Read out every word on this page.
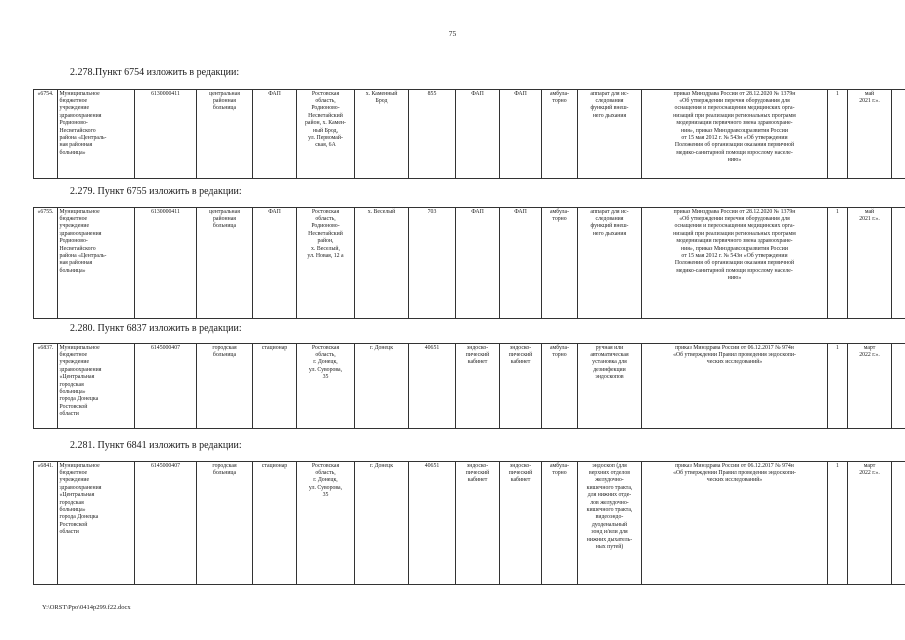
75
2.278.Пункт 6754 изложить в редакции:
«6754.	Муниципальное
бюджетное
учреждение
здравоохранения
Родионово-
Несветайского
района «Централь-
ная районная
больница»	6130000411	центральная
районная
больница	ФАП	Ростовская
область,
Родионово-
Несветайский
район, х. Камен-
ный Брод,
ул. Первомай-
ская, 6А	х. Каменный
Брод	855	ФАП	ФАП	амбула-
торно	аппарат для ис-
следования
функций внеш-
него дыхания	приказ Минздрава России от 28.12.2020 № 1379н
«Об утверждении перечня оборудования для
оснащения и переоснащения медицинских орга-
низаций при реализации региональных программ
модернизации первичного звена здравоохране-
ния», приказ Минздравсоцразвития России
от 15 мая 2012 г. № 543н «Об утверждении
Положения об организации оказания первичной
медико-санитарной помощи взрослому населе-
нию»	1	май
2021 г.».	
2.279. Пункт 6755 изложить в редакции:
«6755.	Муниципальное
бюджетное
учреждение
здравоохранения
Родионово-
Несветайского
района «Централь-
ная районная
больница»	6130000411	центральная
районная
больница	ФАП	Ростовская
область,
Родионово-
Несветайский
район,
х. Веселый,
ул. Новая, 12 а	х. Веселый	703	ФАП	ФАП	амбула-
торно	аппарат для ис-
следования
функций внеш-
него дыхания	приказ Минздрава России от 28.12.2020 № 1379н
«Об утверждении перечня оборудования для
оснащения и переоснащения медицинских орга-
низаций при реализации региональных программ
модернизации первичного звена здравоохране-
ния», приказ Минздравсоцразвития России
от 15 мая 2012 г. № 543н «Об утверждении
Положения об организации оказания первичной
медико-санитарной помощи взрослому населе-
нию»	1	май
2021 г.».	
2.280. Пункт 6837 изложить в редакции:
«6837.	Муниципальное
бюджетное
учреждение
здравоохранения
«Центральная
городская
больница»
города Донецка
Ростовской
области	6145000407	городская
больница	стационар	Ростовская
область,
г. Донецк,
ул. Суворова,
35	г. Донецк	40651	эндоско-
пический
кабинет	эндоско-
пический
кабинет	амбула-
торно	ручная или
автоматическая
установка для
дезинфекции
эндоскопов	приказ Минздрава России от 06.12.2017 № 974н
«Об утверждении Правил проведения эндоскопи-
ческих исследований»	1	март
2022 г.».	
2.281. Пункт 6841 изложить в редакции:
«6841.	Муниципальное
бюджетное
учреждение
здравоохранения
«Центральная
городская
больница»
города Донецка
Ростовской
области	6145000407	городская
больница	стационар	Ростовская
область,
г. Донецк,
ул. Суворова,
35	г. Донецк	40651	эндоско-
пический
кабинет	эндоско-
пический
кабинет	амбула-
торно	эндоскоп (для
верхних отделов
желудочно-
кишечного тракта,
для нижних отде-
лов желудочно-
кишечного тракта,
видеоэндо-
дуоденальный
зонд и/или для
нижних дыхатель-
ных путей)	приказ Минздрава России от 06.12.2017 № 974н
«Об утверждении Правил проведения эндоскопи-
ческих исследований»	1	март
2022 г.».	
Y:\ORST\Ppo\0414p299.f22.docx
